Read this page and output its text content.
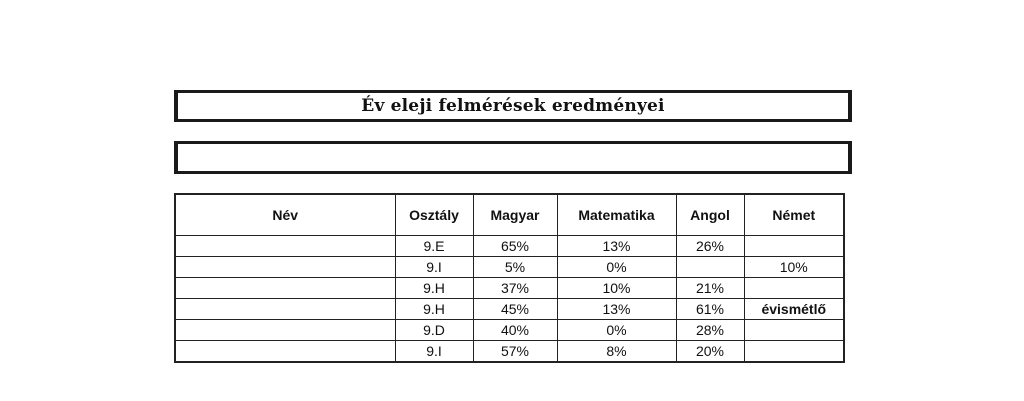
Év eleji felmérések eredményei
Név	Osztály	Magyar	Matematika	Angol	Német
	9.E	65%	13%	26%	
	9.I	5%	0%		10%
	9.H	37%	10%	21%	
	9.H	45%	13%	61%	évismétlő
	9.D	40%	0%	28%	
	9.I	57%	8%	20%	
